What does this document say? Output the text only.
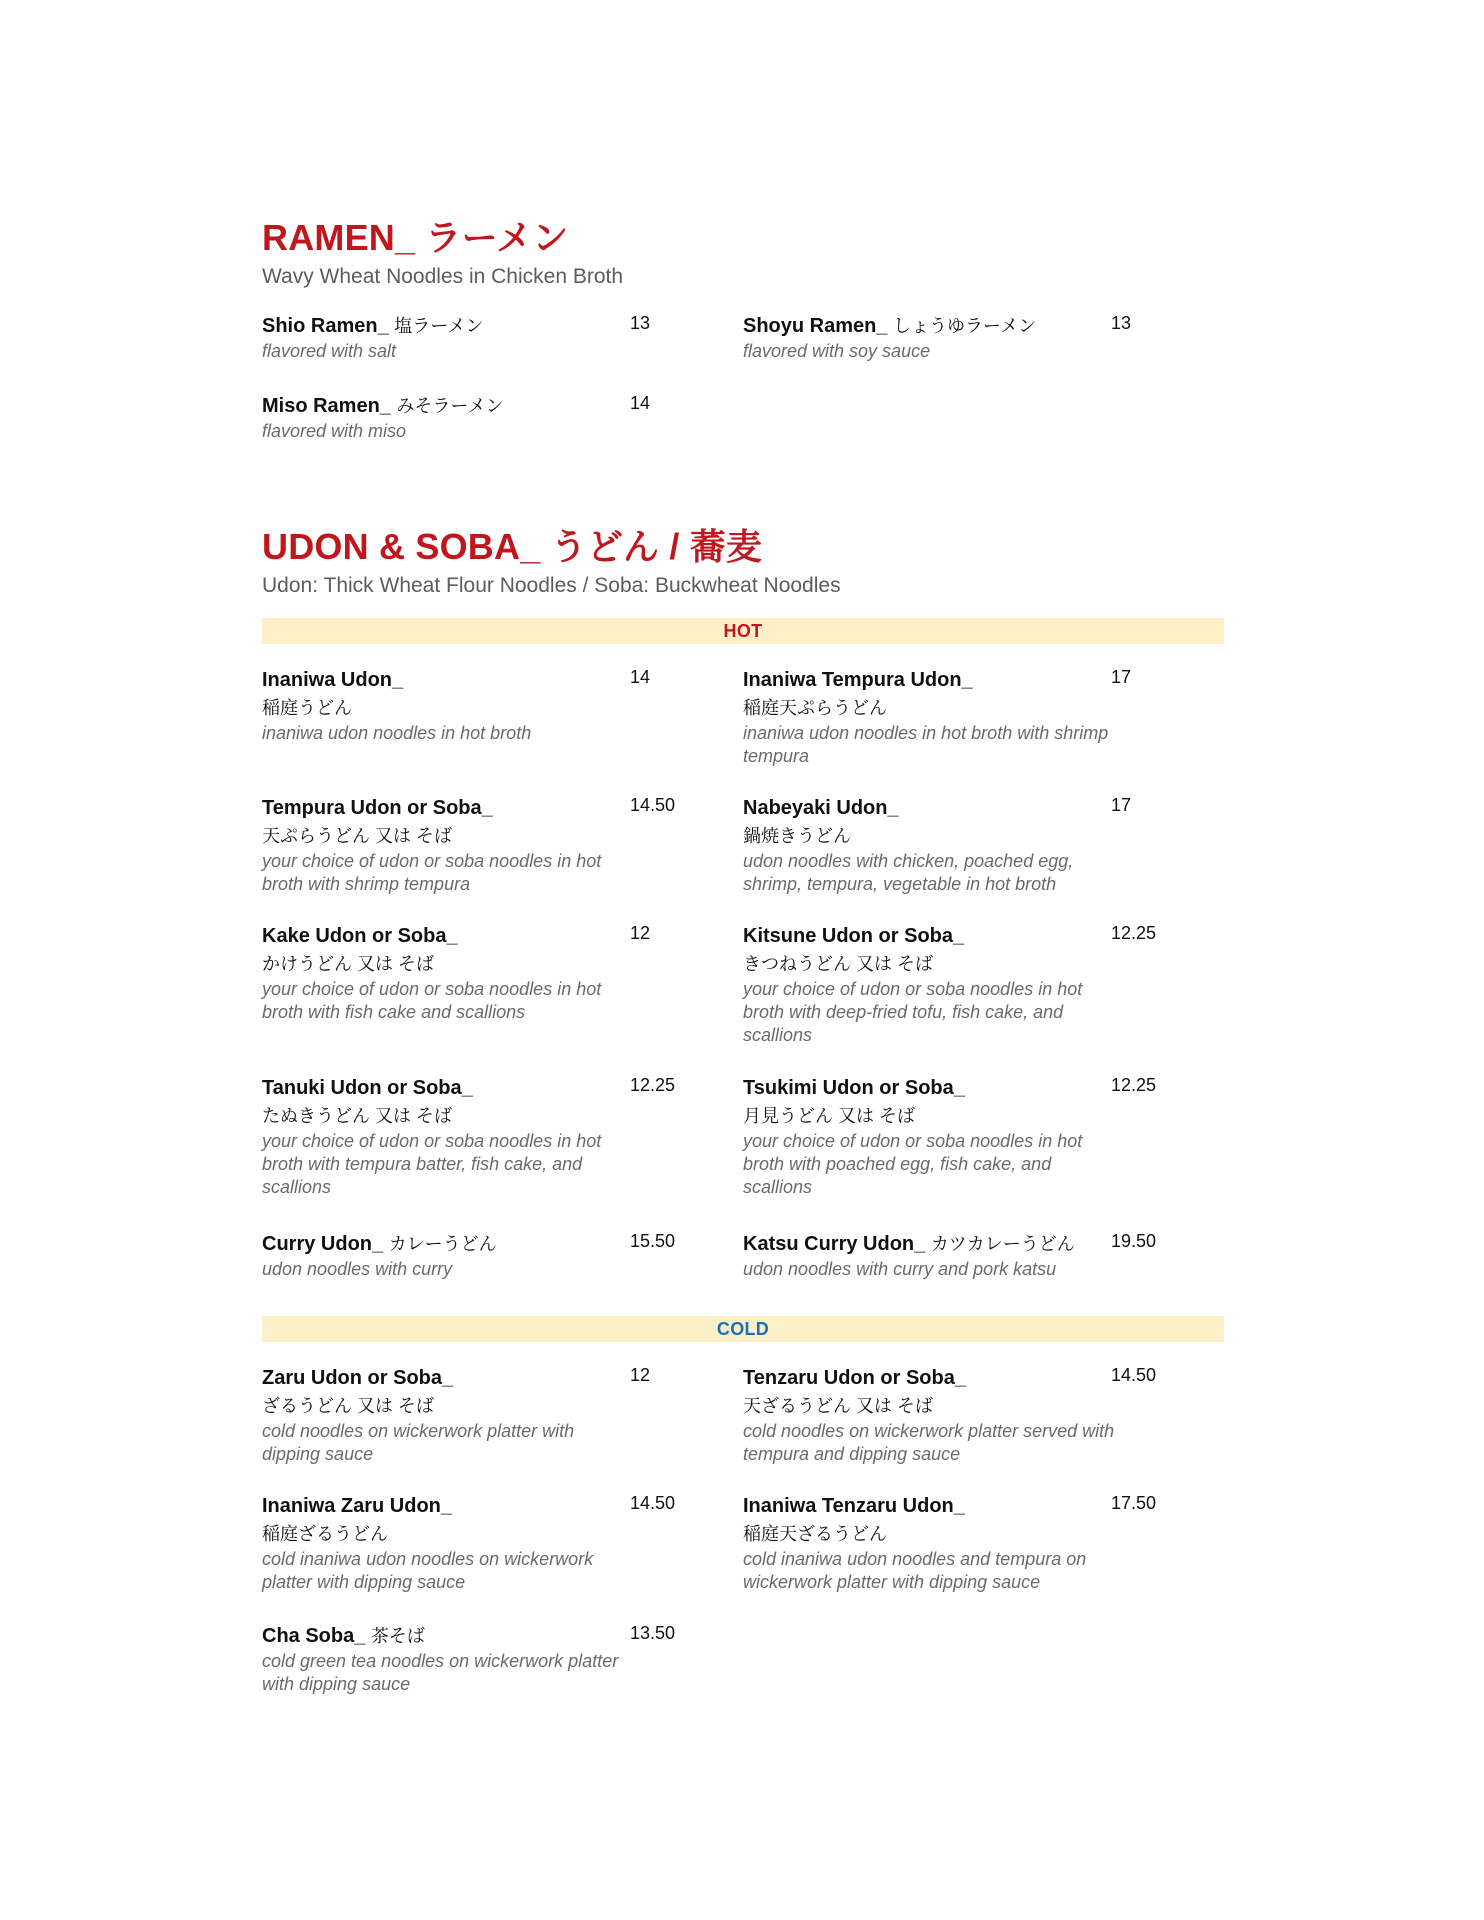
RAMEN_ ラーメン
Wavy Wheat Noodles in Chicken Broth
Shio Ramen_ 塩ラーメン	13
flavored with salt
Shoyu Ramen_ しょうゆラーメン	13
flavored with soy sauce
Miso Ramen_ みそラーメン	14
flavored with miso
UDON & SOBA_ うどん / 蕎麦
Udon: Thick Wheat Flour Noodles / Soba: Buckwheat Noodles
HOT
Inaniwa Udon_	14
稲庭うどん
inaniwa udon noodles in hot broth
Inaniwa Tempura Udon_	17
稲庭天ぷらうどん
inaniwa udon noodles in hot broth with shrimp tempura
Tempura Udon or Soba_	14.50
天ぷらうどん 又は そば
your choice of udon or soba noodles in hot broth with shrimp tempura
Nabeyaki Udon_	17
鍋焼きうどん
udon noodles with chicken, poached egg, shrimp, tempura, vegetable in hot broth
Kake Udon or Soba_	12
かけうどん 又は そば
your choice of udon or soba noodles in hot broth with fish cake and scallions
Kitsune Udon or Soba_	12.25
きつねうどん 又は そば
your choice of udon or soba noodles in hot broth with deep-fried tofu, fish cake, and scallions
Tanuki Udon or Soba_	12.25
たぬきうどん 又は そば
your choice of udon or soba noodles in hot broth with tempura batter, fish cake, and scallions
Tsukimi Udon or Soba_	12.25
月見うどん 又は そば
your choice of udon or soba noodles in hot broth with poached egg, fish cake, and scallions
Curry Udon_ カレーうどん	15.50
udon noodles with curry
Katsu Curry Udon_ カツカレーうどん	19.50
udon noodles with curry and pork katsu
COLD
Zaru Udon or Soba_	12
ざるうどん 又は そば
cold noodles on wickerwork platter with dipping sauce
Tenzaru Udon or Soba_	14.50
天ざるうどん 又は そば
cold noodles on wickerwork platter served with tempura and dipping sauce
Inaniwa Zaru Udon_	14.50
稲庭ざるうどん
cold inaniwa udon noodles on wickerwork platter with dipping sauce
Inaniwa Tenzaru Udon_	17.50
稲庭天ざるうどん
cold inaniwa udon noodles and tempura on wickerwork platter with dipping sauce
Cha Soba_ 茶そば	13.50
cold green tea noodles on wickerwork platter with dipping sauce
